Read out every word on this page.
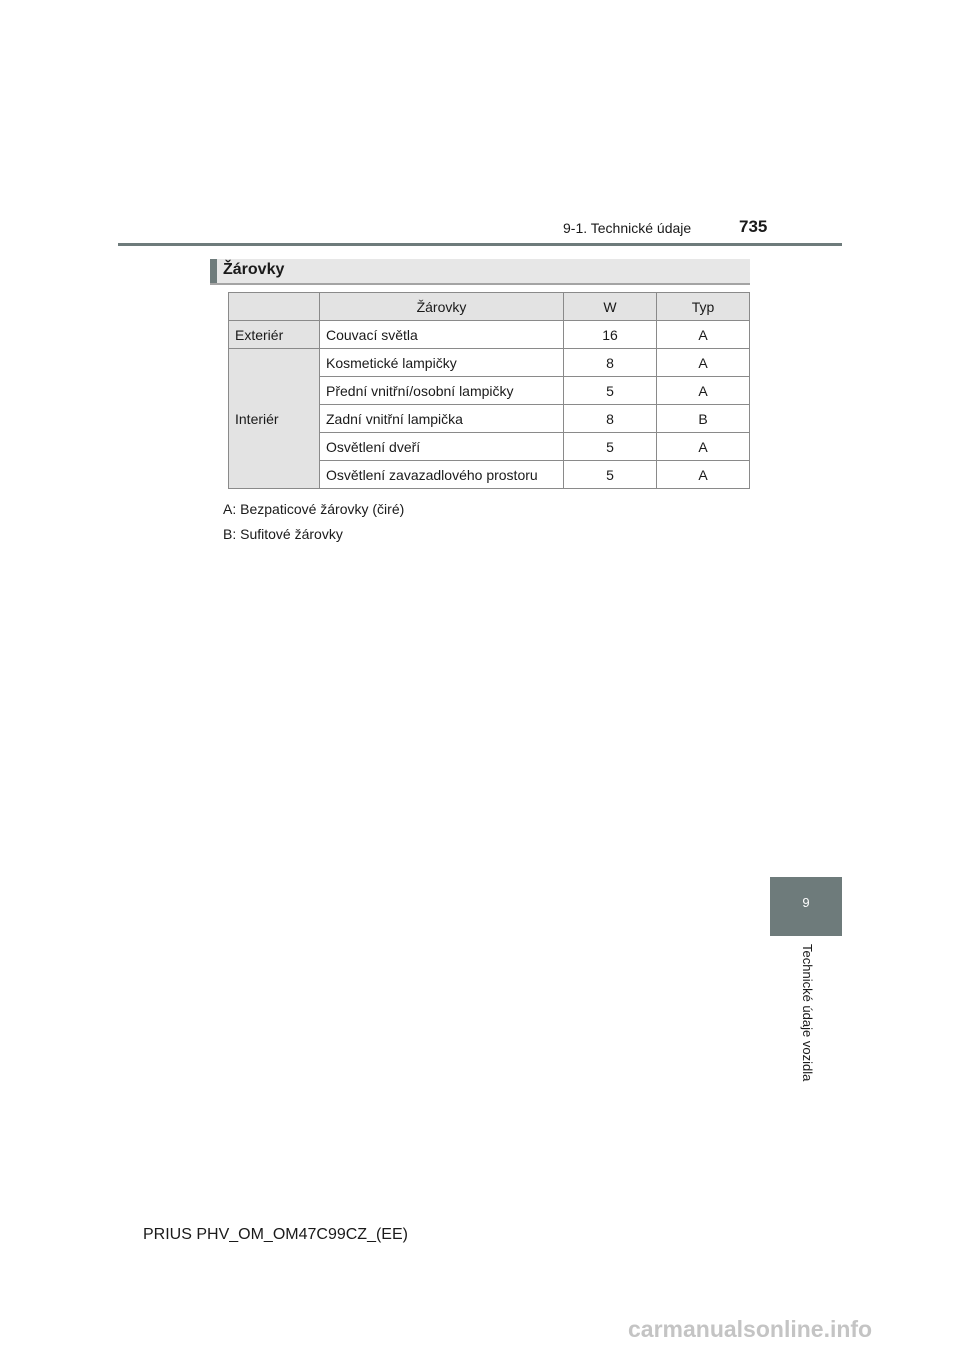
9-1. Technické údaje	735
Žárovky
	Žárovky	W	Typ
Exteriér	Couvací světla	16	A
Interiér	Kosmetické lampičky	8	A
	Přední vnitřní/osobní lampičky	5	A
	Zadní vnitřní lampička	8	B
	Osvětlení dveří	5	A
	Osvětlení zavazadlového prostoru	5	A
A: Bezpaticové žárovky (čiré)
B: Sufitové žárovky
9
Technické údaje vozidla
PRIUS PHV_OM_OM47C99CZ_(EE)
carmanualsonline.info
